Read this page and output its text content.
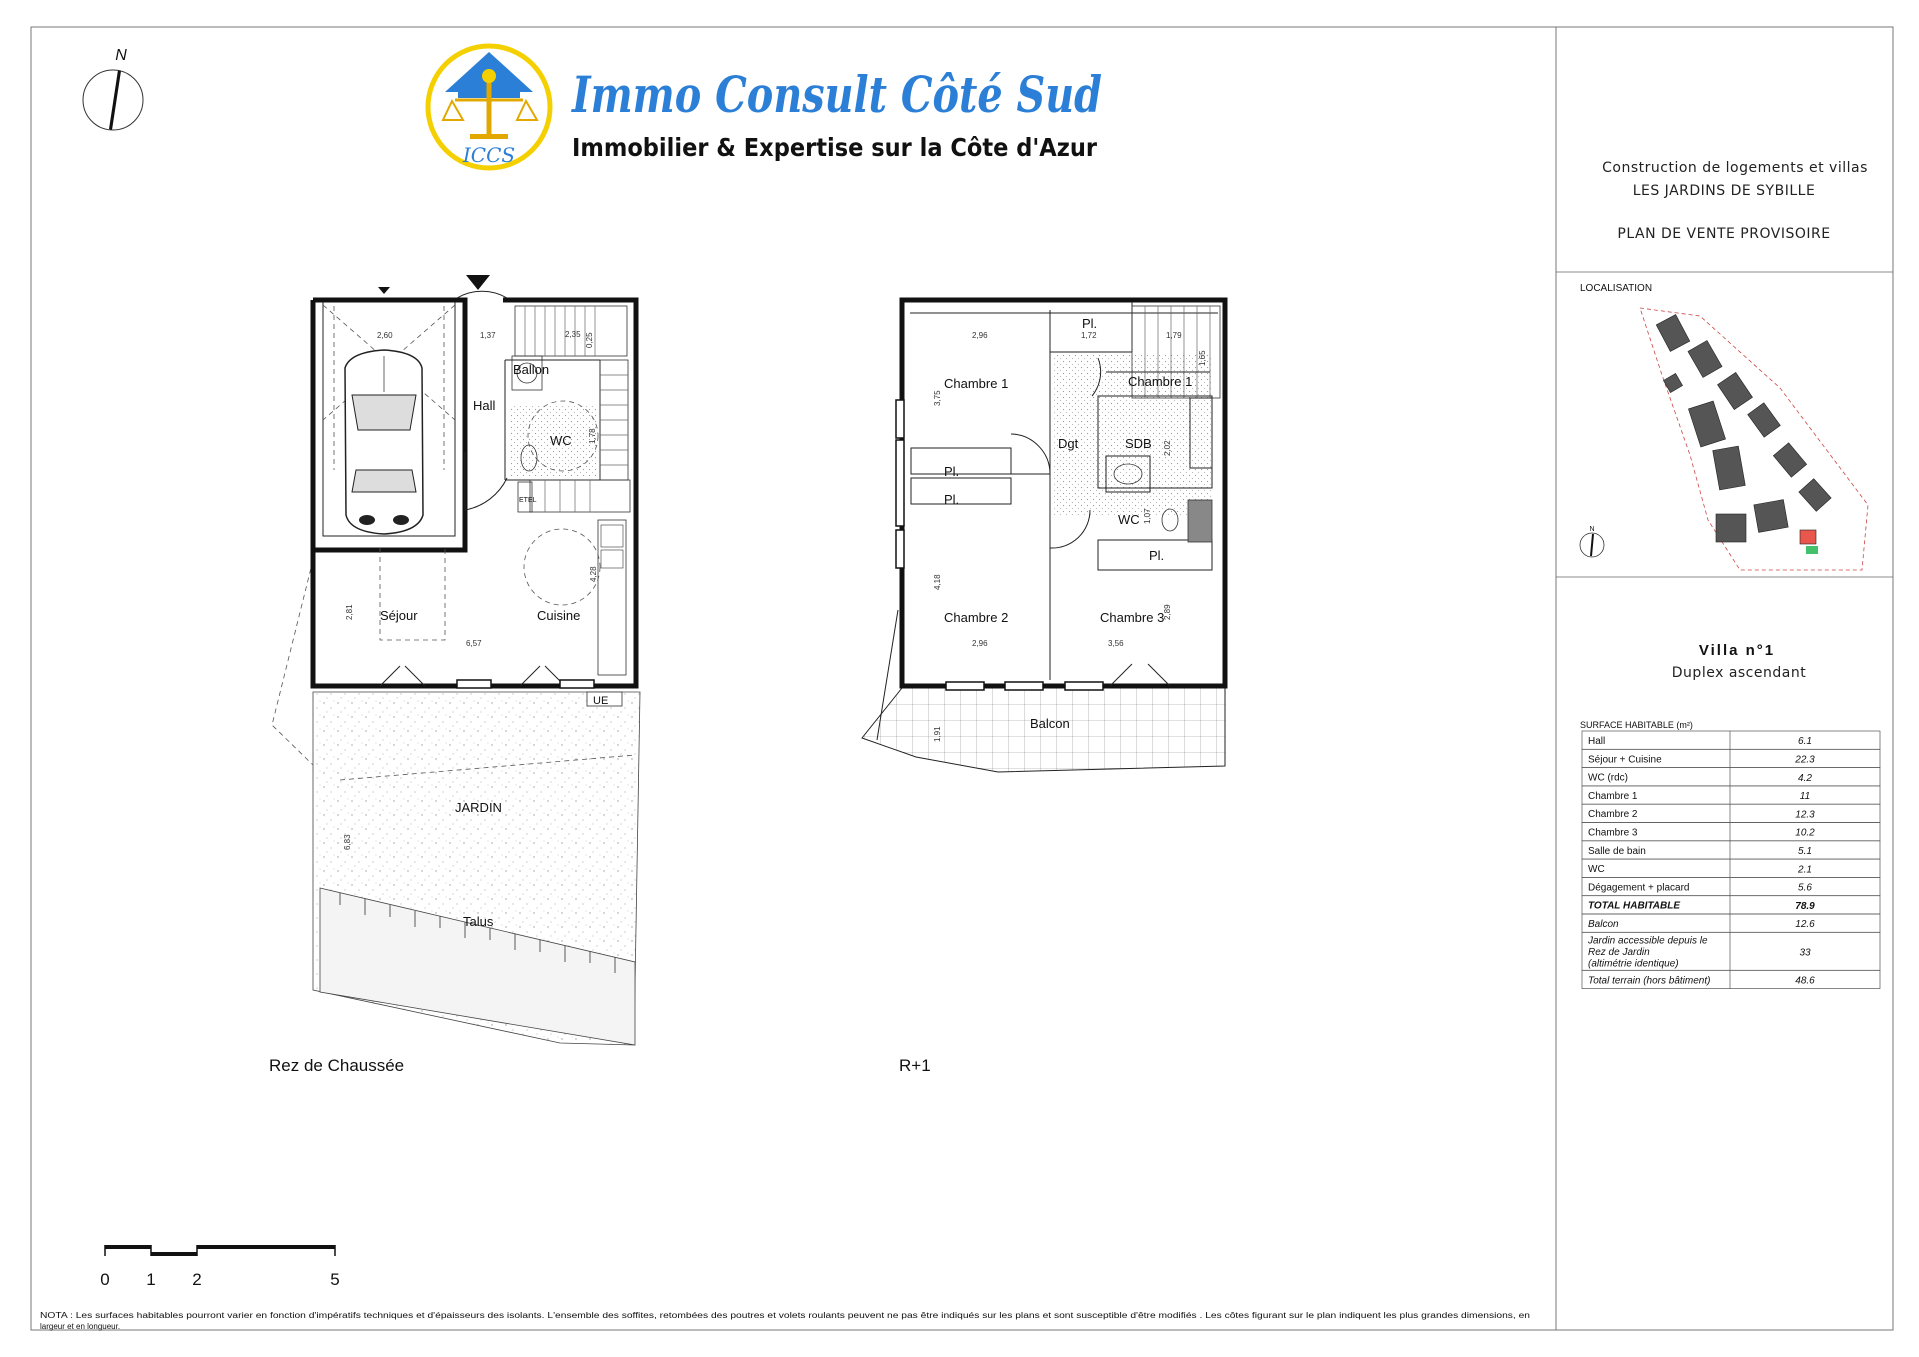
N
ICCS
Immo Consult Côté Sud
Immobilier & Expertise sur la Côte d'Azur
Hall
Ballon
WC
ETEL
Séjour	Cuisine
JARDIN
Talus
UE
2,60	1,37	2,35 0,25
1,78
4,28
2,81
6,57
6,83
Rez de Chaussée
Chambre 1	Chambre 1
Pl.
Pl.
Pl.
Pl.
Dgt	SDB
WC
Chambre 2	Chambre 3
Balcon
2,96	1,72	1,79
1,65
3,75
2,02
1,07
4,18
2,89
2,96	3,56
1,91
R+1
Construction de logements et villas
LES JARDINS DE SYBILLE
PLAN DE VENTE PROVISOIRE
LOCALISATION
N
Villa n°1
Duplex ascendant
SURFACE HABITABLE (m²)
Hall	6.1
Séjour + Cuisine	22.3
WC (rdc)	4.2
Chambre 1	11
Chambre 2	12.3
Chambre 3	10.2
Salle de bain	5.1
WC	2.1
Dégagement + placard	5.6
TOTAL HABITABLE	78.9
Balcon	12.6
Jardin accessible depuis le
Rez de Jardin
(altimétrie identique)
33
Total terrain (hors bâtiment)	48.6
0 1 2	5
NOTA : Les surfaces habitables pourront varier en fonction d'impératifs techniques et d'épaisseurs des isolants. L'ensemble des soffites, retombées des poutres et volets roulants peuvent ne pas être indiqués sur les plans et sont susceptible d'être modifiés . Les côtes figurant sur le plan indiquent les plus grandes dimensions, en
largeur et en longueur.
